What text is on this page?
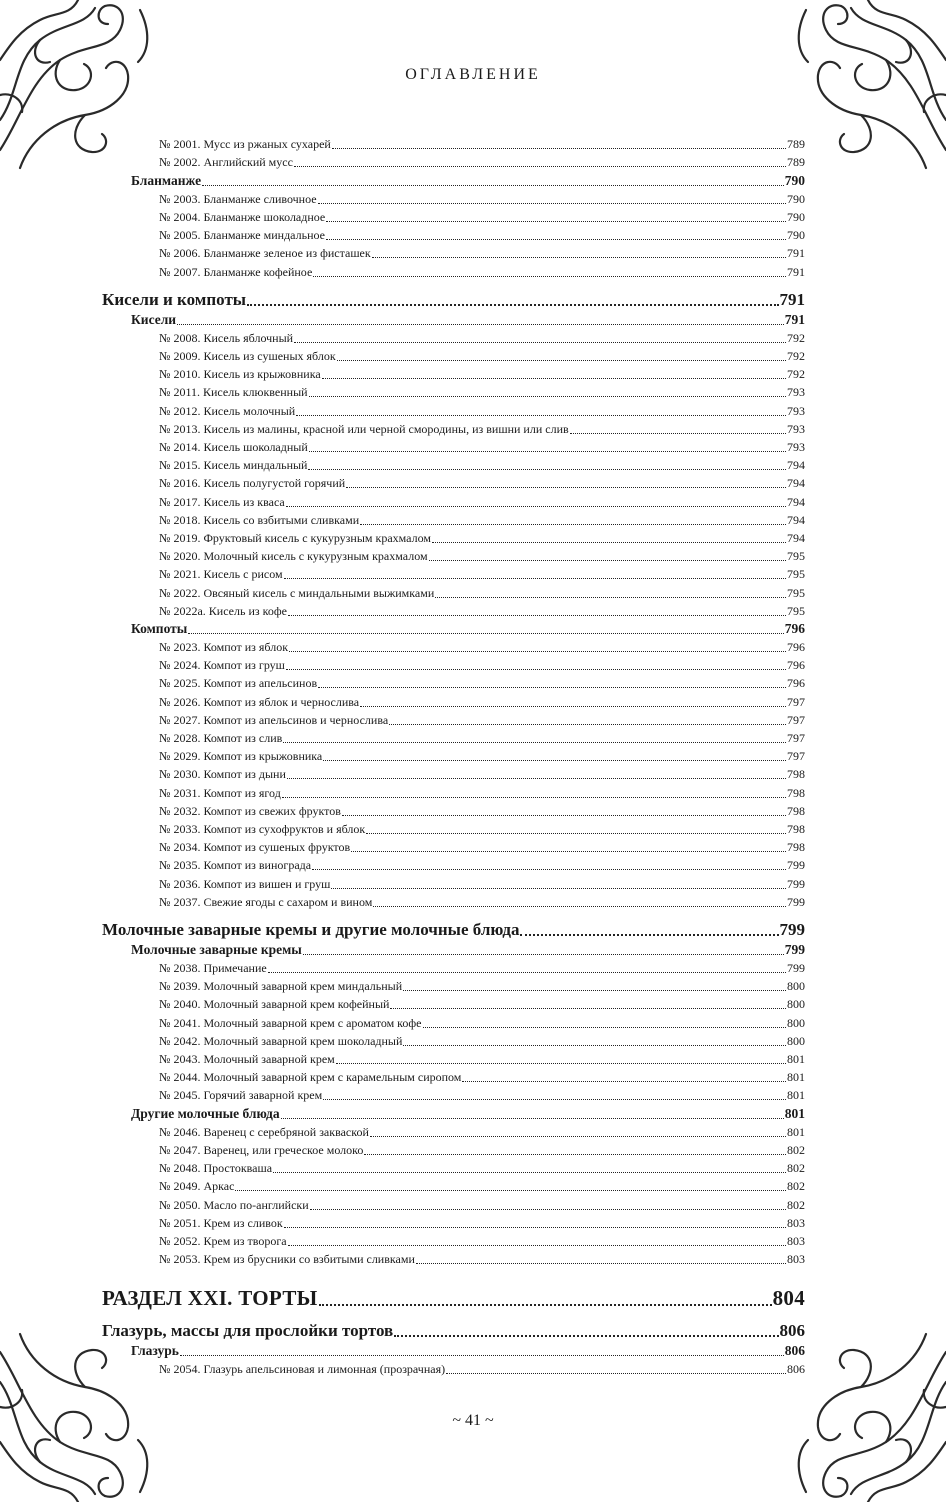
ОГЛАВЛЕНИЕ
№ 2001. Мусс из ржаных сухарей	789
№ 2002. Английский мусс	789
Бланманже	790
№ 2003. Бланманже сливочное	790
№ 2004. Бланманже шоколадное	790
№ 2005. Бланманже миндальное	790
№ 2006. Бланманже зеленое из фисташек	791
№ 2007. Бланманже кофейное	791
Кисели и компоты	791
Кисели	791
№ 2008. Кисель яблочный	792
№ 2009. Кисель из сушеных яблок	792
№ 2010. Кисель из крыжовника	792
№ 2011. Кисель клюквенный	793
№ 2012. Кисель молочный	793
№ 2013. Кисель из малины, красной или черной смородины, из вишни или слив	793
№ 2014. Кисель шоколадный	793
№ 2015. Кисель миндальный	794
№ 2016. Кисель полугустой горячий	794
№ 2017. Кисель из кваса	794
№ 2018. Кисель со взбитыми сливками	794
№ 2019. Фруктовый кисель с кукурузным крахмалом	794
№ 2020. Молочный кисель с кукурузным крахмалом	795
№ 2021. Кисель с рисом	795
№ 2022. Овсяный кисель с миндальными выжимками	795
№ 2022а. Кисель из кофе	795
Компоты	796
№ 2023. Компот из яблок	796
№ 2024. Компот из груш	796
№ 2025. Компот из апельсинов	796
№ 2026. Компот из яблок и чернослива	797
№ 2027. Компот из апельсинов и чернослива	797
№ 2028. Компот из слив	797
№ 2029. Компот из крыжовника	797
№ 2030. Компот из дыни	798
№ 2031. Компот из ягод	798
№ 2032. Компот из свежих фруктов	798
№ 2033. Компот из сухофруктов и яблок	798
№ 2034. Компот из сушеных фруктов	798
№ 2035. Компот из винограда	799
№ 2036. Компот из вишен и груш	799
№ 2037. Свежие ягоды с сахаром и вином	799
Молочные заварные кремы и другие молочные блюда	799
Молочные заварные кремы	799
№ 2038. Примечание	799
№ 2039. Молочный заварной крем миндальный	800
№ 2040. Молочный заварной крем кофейный	800
№ 2041. Молочный заварной крем с ароматом кофе	800
№ 2042. Молочный заварной крем шоколадный	800
№ 2043. Молочный заварной крем	801
№ 2044. Молочный заварной крем с карамельным сиропом	801
№ 2045. Горячий заварной крем	801
Другие молочные блюда	801
№ 2046. Варенец с серебряной закваской	801
№ 2047. Варенец, или греческое молоко	802
№ 2048. Простокваша	802
№ 2049. Аркас	802
№ 2050. Масло по-английски	802
№ 2051. Крем из сливок	803
№ 2052. Крем из творога	803
№ 2053. Крем из брусники со взбитыми сливками	803
РАЗДЕЛ XXI. ТОРТЫ	804
Глазурь, массы для прослойки тортов	806
Глазурь	806
№ 2054. Глазурь апельсиновая и лимонная (прозрачная)	806
~ 41 ~
